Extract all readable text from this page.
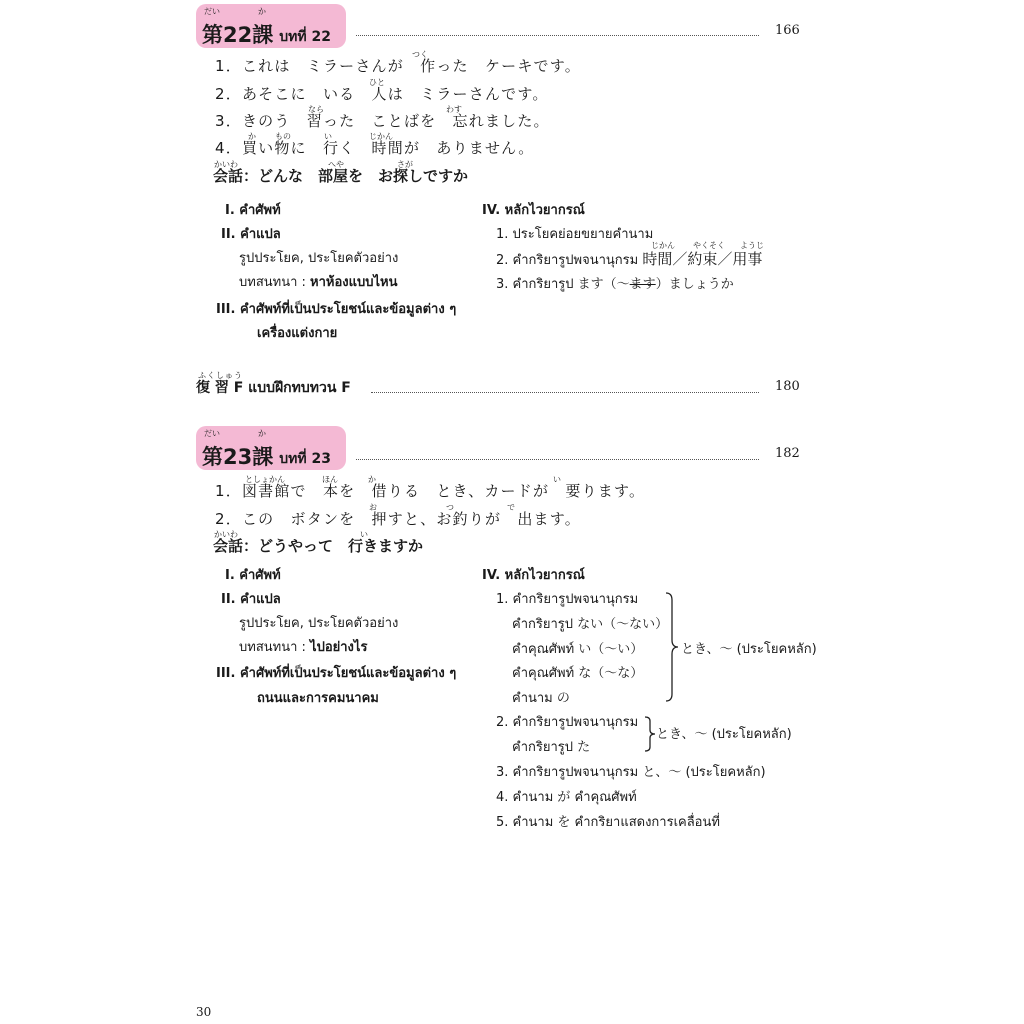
だい	か
第22課 บทที่ 22	166
1．これは　ミラーさんが　作った　ケーキです。
つく
2．あそこに　いる　人は　ミラーさんです。
ひと
3．きのう　習った　ことばを　忘れました。
なら	わす
4．買い物に　行く　時間が　ありません。
か もの	い	じかん
かいわ	へや	さが
会話：どんな　部屋を　お探しですか
I. คำศัพท์
II. คำแปล
รูปประโยค, ประโยคตัวอย่าง
บทสนทนา : หาห้องแบบไหน
III. คำศัพท์ที่เป็นประโยชน์และข้อมูลต่าง ๆ
เครื่องแต่งกาย
IV. หลักไวยากรณ์
1. ประโยคย่อยขยายคำนาม
2. คำกริยารูปพจนานุกรม 時間／約束／用事
じかん やくそく ようじ
3. คำกริยารูป ます（～ます）ましょうか
ふくしゅう
復 習 F แบบฝึกทบทวน F	180
だい	か
第23課 บทที่ 23	182
1．図書館で　本を　借りる　とき、カードが　要ります。
としょかん	ほん	か	い
2．この　ボタンを　押すと、お釣りが　出ます。
お	つ	で
かいわ	い
会話：どうやって　行きますか
I. คำศัพท์
II. คำแปล
รูปประโยค, ประโยคตัวอย่าง
บทสนทนา : ไปอย่างไร
III. คำศัพท์ที่เป็นประโยชน์และข้อมูลต่าง ๆ
ถนนและการคมนาคม
IV. หลักไวยากรณ์
1. คำกริยารูปพจนานุกรม
คำกริยารูป ない（～ない）
คำคุณศัพท์ い（～い）
คำคุณศัพท์ な（～な）
คำนาม の
とき、～ (ประโยคหลัก)
2. คำกริยารูปพจนานุกรม
คำกริยารูป た
とき、～ (ประโยคหลัก)
3. คำกริยารูปพจนานุกรม と、～ (ประโยคหลัก)
4. คำนาม が คำคุณศัพท์
5. คำนาม を คำกริยาแสดงการเคลื่อนที่
30
